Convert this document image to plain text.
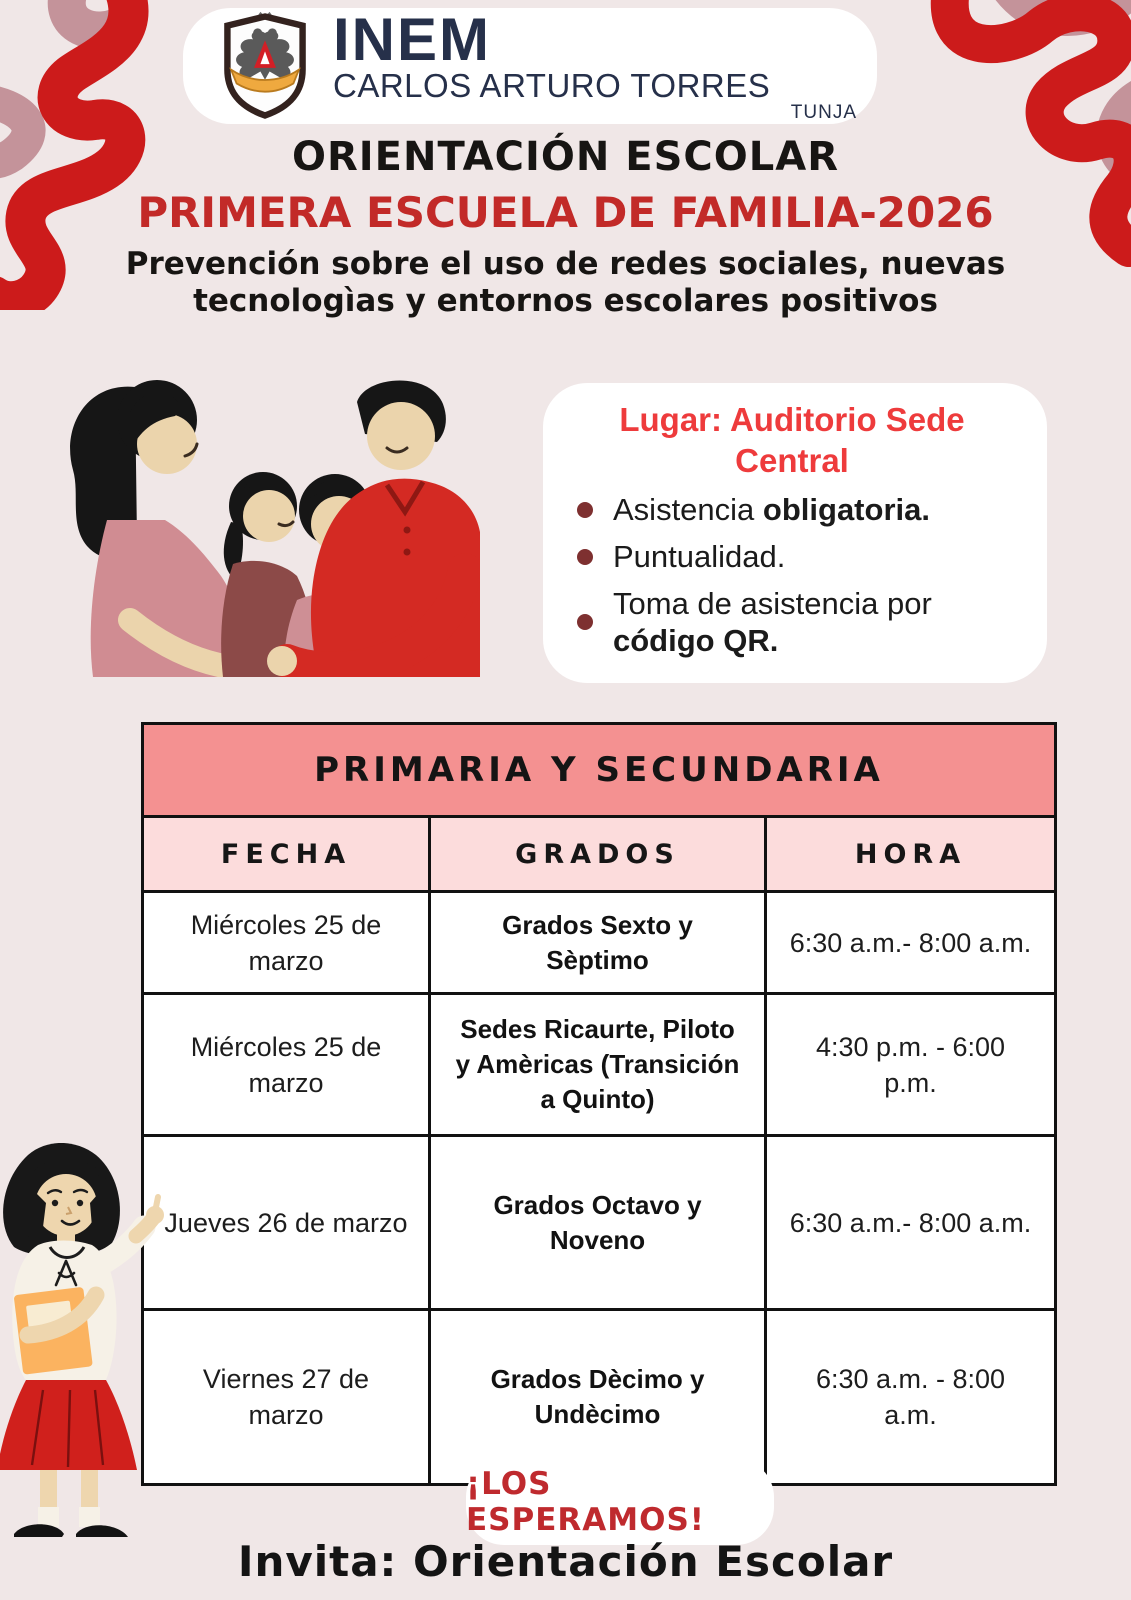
INEM
CARLOS ARTURO TORRES
TUNJA
ORIENTACIÓN ESCOLAR
PRIMERA ESCUELA DE FAMILIA-2026
Prevención sobre el uso de redes sociales, nuevas
tecnologìas y entornos escolares positivos
Lugar: Auditorio Sede Central
Asistencia obligatoria.
Puntualidad.
Toma de asistencia por código QR.
PRIMARIA Y SECUNDARIA
FECHA	GRADOS	HORA
Miércoles 25 de marzo
Grados Sexto y Sèptimo
6:30 a.m.- 8:00 a.m.
Miércoles 25 de marzo
Sedes Ricaurte, Piloto y Amèricas (Transición a Quinto)
4:30 p.m. - 6:00 p.m.
Jueves 26 de marzo
Grados Octavo y Noveno
6:30 a.m.- 8:00 a.m.
Viernes 27 de marzo
Grados Dècimo y Undècimo
6:30 a.m. - 8:00 a.m.
¡LOS ESPERAMOS!
Invita: Orientación Escolar
